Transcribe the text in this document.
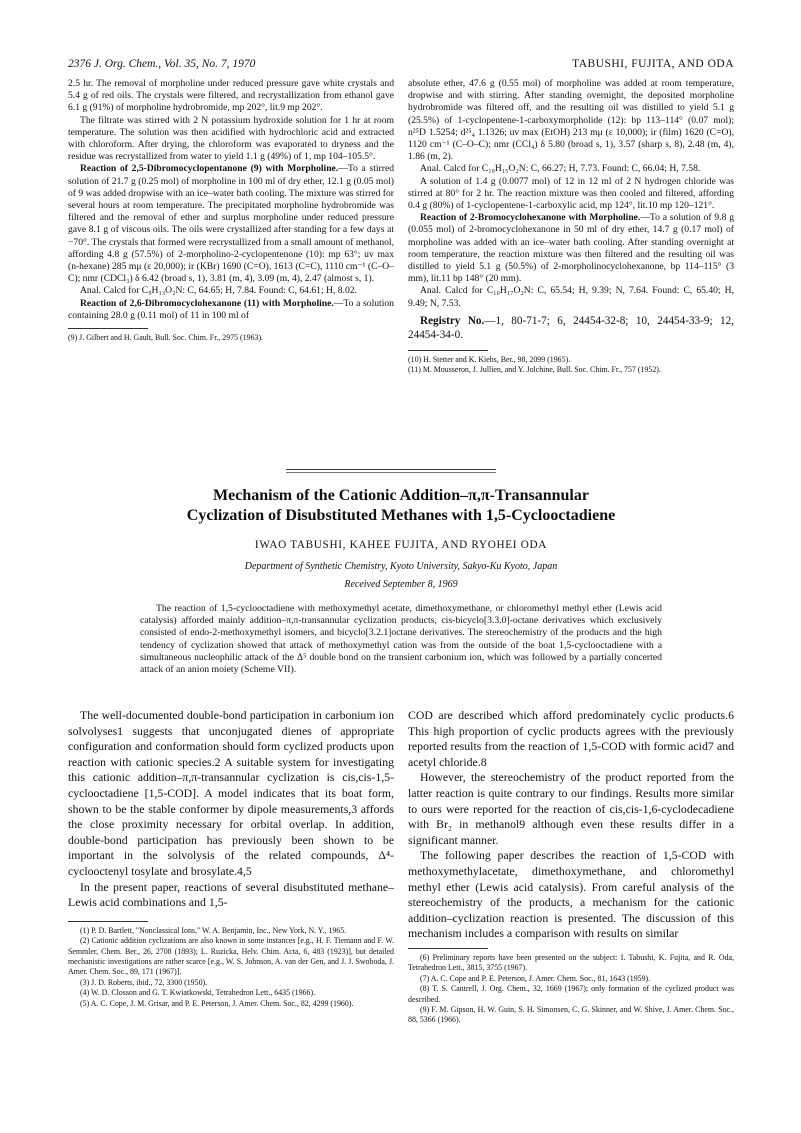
2376 J. Org. Chem., Vol. 35, No. 7, 1970	TABUSHI, FUJITA, AND ODA

2.5 hr. The removal of morpholine under reduced pressure gave white crystals and 5.4 g of red oils. The crystals were filtered, and recrystallization from ethanol gave 6.1 g (91%) of morpholine hydrobromide, mp 202°, lit.9 mp 202°.

The filtrate was stirred with 2 N potassium hydroxide solution for 1 hr at room temperature. The solution was then acidified with hydrochloric acid and extracted with chloroform. After drying, the chloroform was evaporated to dryness and the residue was recrystallized from water to yield 1.1 g (49%) of 1, mp 104–105.5°.

Reaction of 2,5-Dibromocyclopentanone (9) with Morpholine.—To a stirred solution of 21.7 g (0.25 mol) of morpholine in 100 ml of dry ether, 12.1 g (0.05 mol) of 9 was added dropwise with an ice–water bath cooling. The mixture was stirred for several hours at room temperature. The precipitated morpholine hydrobromide was filtered and the removal of ether and surplus morpholine under reduced pressure gave 8.1 g of viscous oils. The oils were crystallized after standing for a few days at −70°. The crystals that formed were recrystallized from a small amount of methanol, affording 4.8 g (57.5%) of 2-morpholino-2-cyclopentenone (10): mp 63°; uv max (n-hexane) 285 mμ (ε 20,000); ir (KBr) 1690 (C=O), 1613 (C=C), 1110 cm⁻¹ (C–O–C); nmr (CDCl₃) δ 6.42 (broad s, 1), 3.81 (m, 4), 3.09 (m, 4), 2.47 (almost s, 1).

Anal. Calcd for C₉H₁₃O₂N: C, 64.65; H, 7.84. Found: C, 64.61; H, 8.02.

Reaction of 2,6-Dibromocyclohexanone (11) with Morpholine.—To a solution containing 28.0 g (0.11 mol) of 11 in 100 ml of

(9) J. Gilbert and H. Gault, Bull. Soc. Chim. Fr., 2975 (1963).

absolute ether, 47.6 g (0.55 mol) of morpholine was added at room temperature, dropwise and with stirring. After standing overnight, the deposited morpholine hydrobromide was filtered off, and the resulting oil was distilled to yield 5.1 g (25.5%) of 1-cyclopentene-1-carboxymorpholide (12): bp 113–114° (0.07 mol); n²⁵D 1.5254; d²⁵₄ 1.1326; uv max (EtOH) 213 mμ (ε 10,000); ir (film) 1620 (C=O), 1120 cm⁻¹ (C–O–C); nmr (CCl₄) δ 5.80 (broad s, 1), 3.57 (sharp s, 8), 2.48 (m, 4), 1.86 (m, 2).

Anal. Calcd for C₁₀H₁₅O₂N: C, 66.27; H, 7.73. Found: C, 66.04; H, 7.58.

A solution of 1.4 g (0.0077 mol) of 12 in 12 ml of 2 N hydrogen chloride was stirred at 80° for 2 hr. The reaction mixture was then cooled and filtered, affording 0.4 g (80%) of 1-cyclopentene-1-carboxylic acid, mp 124°, lit.10 mp 120–121°.

Reaction of 2-Bromocyclohexanone with Morpholine.—To a solution of 9.8 g (0.055 mol) of 2-bromocyclohexanone in 50 ml of dry ether, 14.7 g (0.17 mol) of morpholine was added with an ice–water bath cooling. After standing overnight at room temperature, the reaction mixture was then filtered and the resulting oil was distilled to yield 5.1 g (50.5%) of 2-morpholinocyclohexanone, bp 114–115° (3 mm), lit.11 bp 148° (20 mm).

Anal. Calcd for C₁₀H₁₇O₂N: C, 65.54; H, 9.39; N, 7.64. Found: C, 65.40; H, 9.49; N, 7.53.

Registry No.—1, 80-71-7; 6, 24454-32-8; 10, 24454-33-9; 12, 24454-34-0.

(10) H. Stetter and K. Kiehs, Ber., 98, 2099 (1965).

(11) M. Mousseron, J. Jullien, and Y. Jolchine, Bull. Soc. Chim. Fr., 757 (1952).

Mechanism of the Cationic Addition–π,π-Transannular
Cyclization of Disubstituted Methanes with 1,5-Cyclooctadiene
IWAO TABUSHI, KAHEE FUJITA, AND RYOHEI ODA
Department of Synthetic Chemistry, Kyoto University, Sakyo-Ku Kyoto, Japan
Received September 8, 1969
The reaction of 1,5-cyclooctadiene with methoxymethyl acetate, dimethoxymethane, or chloromethyl methyl ether (Lewis acid catalysis) afforded mainly addition–π,π-transannular cyclization products, cis-bicyclo[3.3.0]-octane derivatives which exclusively consisted of endo-2-methoxymethyl isomers, and bicyclo[3.2.1]octane derivatives. The stereochemistry of the products and the high tendency of cyclization showed that attack of methoxymethyl cation was from the outside of the boat 1,5-cyclooctadiene with a simultaneous nucleophilic attack of the Δ⁵ double bond on the transient carbonium ion, which was followed by a partially concerted attack of an anion moiety (Scheme VII).

The well-documented double-bond participation in carbonium ion solvolyses1 suggests that unconjugated dienes of appropriate configuration and conformation should form cyclized products upon reaction with cationic species.2 A suitable system for investigating this cationic addition–π,π-transannular cyclization is cis,cis-1,5-cyclooctadiene [1,5-COD]. A model indicates that its boat form, shown to be the stable conformer by dipole measurements,3 affords the close proximity necessary for orbital overlap. In addition, double-bond participation has previously been shown to be important in the solvolysis of the related compounds, Δ⁴-cyclooctenyl tosylate and brosylate.4,5

In the present paper, reactions of several disubstituted methane–Lewis acid combinations and 1,5-

(1) P. D. Bartlett, "Nonclassical Ions," W. A. Benjamin, Inc., New York, N. Y., 1965.

(2) Cationic addition cyclizations are also known in some instances [e.g., H. F. Tiemann and F. W. Semmler, Chem. Ber., 26, 2708 (1893); L. Ruzicka, Helv. Chim. Acta, 6, 483 (1923)], but detailed mechanistic investigations are rather scarce [e.g., W. S. Johnson, A. van der Gen, and J. J. Swoboda, J. Amer. Chem. Soc., 89, 171 (1967)].

(3) J. D. Roberts, ibid., 72, 3300 (1950).

(4) W. D. Closson and G. T. Kwiatkowski, Tetrahedron Lett., 6435 (1966).

(5) A. C. Cope, J. M. Grisar, and P. E. Peterson, J. Amer. Chem. Soc., 82, 4299 (1960).

COD are described which afford predominately cyclic products.6 This high proportion of cyclic products agrees with the previously reported results from the reaction of 1,5-COD with formic acid7 and acetyl chloride.8

However, the stereochemistry of the product reported from the latter reaction is quite contrary to our findings. Results more similar to ours were reported for the reaction of cis,cis-1,6-cyclodecadiene with Br₂ in methanol9 although even these results differ in a significant manner.

The following paper describes the reaction of 1,5-COD with methoxymethylacetate, dimethoxymethane, and chloromethyl methyl ether (Lewis acid catalysis). From careful analysis of the stereochemistry of the products, a mechanism for the cationic addition–cyclization reaction is presented. The discussion of this mechanism includes a comparison with results on similar

(6) Preliminary reports have been presented on the subject: I. Tabushi, K. Fujita, and R. Oda, Tetrahedron Lett., 3815, 3755 (1967).

(7) A. C. Cope and P. E. Peterson, J. Amer. Chem. Soc., 81, 1643 (1959).

(8) T. S. Cantrell, J. Org. Chem., 32, 1669 (1967); only formation of the cyclized product was described.

(9) F. M. Gipson, H. W. Guin, S. H. Simonsen, C. G. Skinner, and W. Shive, J. Amer. Chem. Soc., 88, 5366 (1966).
